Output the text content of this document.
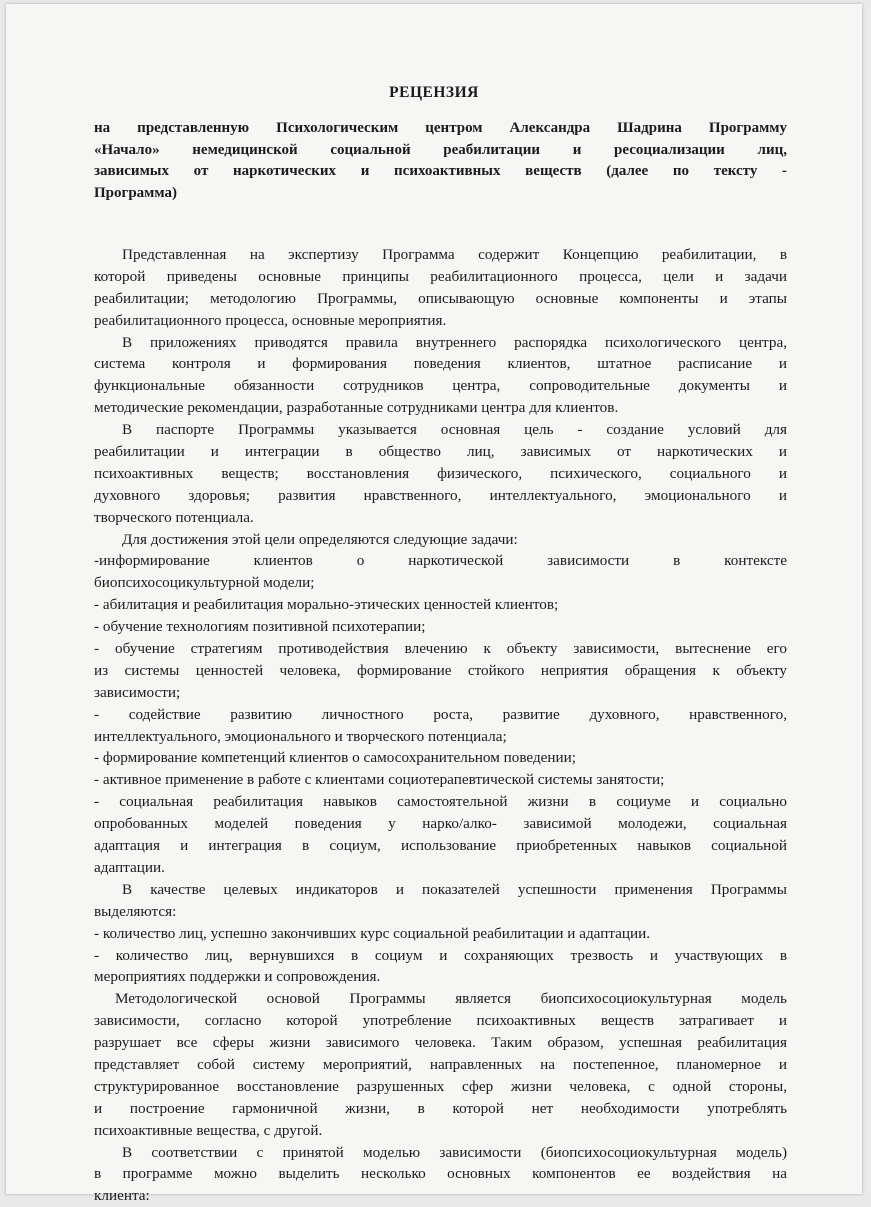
РЕЦЕНЗИЯ
на представленную Психологическим центром Александра Шадрина Программу
«Начало» немедицинской социальной реабилитации и ресоциализации лиц,
зависимых от наркотических и психоактивных веществ (далее по тексту -
Программа)
Представленная на экспертизу Программа содержит Концепцию реабилитации, в
которой приведены основные принципы реабилитационного процесса, цели и задачи
реабилитации; методологию Программы, описывающую основные компоненты и этапы
реабилитационного процесса, основные мероприятия.
В приложениях приводятся правила внутреннего распорядка психологического центра,
система контроля и формирования поведения клиентов, штатное расписание и
функциональные обязанности сотрудников центра, сопроводительные документы и
методические рекомендации, разработанные сотрудниками центра для клиентов.
В паспорте Программы указывается основная цель - создание условий для
реабилитации и интеграции в общество лиц, зависимых от наркотических и
психоактивных веществ; восстановления физического, психического, социального и
духовного здоровья; развития нравственного, интеллектуального, эмоционального и
творческого потенциала.
Для достижения этой цели определяются следующие задачи:
-информирование клиентов о наркотической зависимости в контексте
биопсихосоцикультурной модели;
- абилитация и реабилитация морально-этических ценностей клиентов;
- обучение технологиям позитивной психотерапии;
- обучение стратегиям противодействия влечению к объекту зависимости, вытеснение его
из системы ценностей человека, формирование стойкого неприятия обращения к объекту
зависимости;
- содействие развитию личностного роста, развитие духовного, нравственного,
интеллектуального, эмоционального и творческого потенциала;
- формирование компетенций клиентов о самосохранительном поведении;
- активное применение в работе с клиентами социотерапевтической системы занятости;
- социальная реабилитация навыков самостоятельной жизни в социуме и социально
опробованных моделей поведения у нарко/алко- зависимой молодежи, социальная
адаптация и интеграция в социум, использование приобретенных навыков социальной
адаптации.
В качестве целевых индикаторов и показателей успешности применения Программы
выделяются:
- количество лиц, успешно закончивших курс социальной реабилитации и адаптации.
- количество лиц, вернувшихся в социум и сохраняющих трезвость и участвующих в
мероприятиях поддержки и сопровождения.
Методологической основой Программы является биопсихосоциокультурная модель
зависимости, согласно которой употребление психоактивных веществ затрагивает и
разрушает все сферы жизни зависимого человека. Таким образом, успешная реабилитация
представляет собой систему мероприятий, направленных на постепенное, планомерное и
структурированное восстановление разрушенных сфер жизни человека, с одной стороны,
и построение гармоничной жизни, в которой нет необходимости употреблять
психоактивные вещества, с другой.
В соответствии с принятой моделью зависимости (биопсихосоциокультурная модель)
в программе можно выделить несколько основных компонентов ее воздействия на
клиента:
